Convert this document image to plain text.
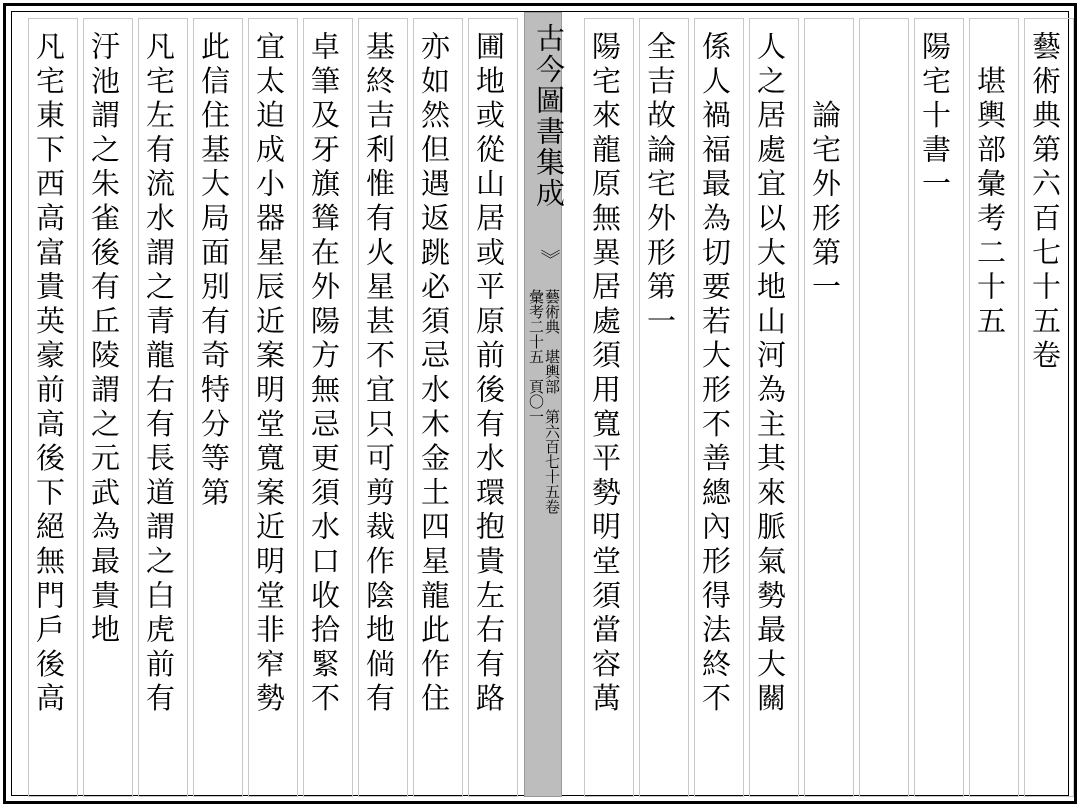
藝術典第六百七十五卷
　堪輿部彙考二十五
陽宅十書一
　　論宅外形第一
人之居處宜以大地山河為主其來脈氣勢最大關
係人禍福最為切要若大形不善總內形得法終不
全吉故論宅外形第一
陽宅來龍原無異居處須用寬平勢明堂須當容萬
古今圖書集成
》
藝術典　堪輿部　第六百七十五卷
彙考二十五　頁〇一
圃地或從山居或平原前後有水環抱貴左右有路
亦如然但遇返跳必須忌水木金土四星龍此作住
基終吉利惟有火星甚不宜只可剪裁作陰地倘有
卓筆及牙旗聳在外陽方無忌更須水口收拾緊不
宜太迫成小器星辰近案明堂寬案近明堂非窄勢
此信住基大局面別有奇特分等第
凡宅左有流水謂之青龍右有長道謂之白虎前有
汙池謂之朱雀後有丘陵謂之元武為最貴地
凡宅東下西高富貴英豪前高後下絕無門戶後高
